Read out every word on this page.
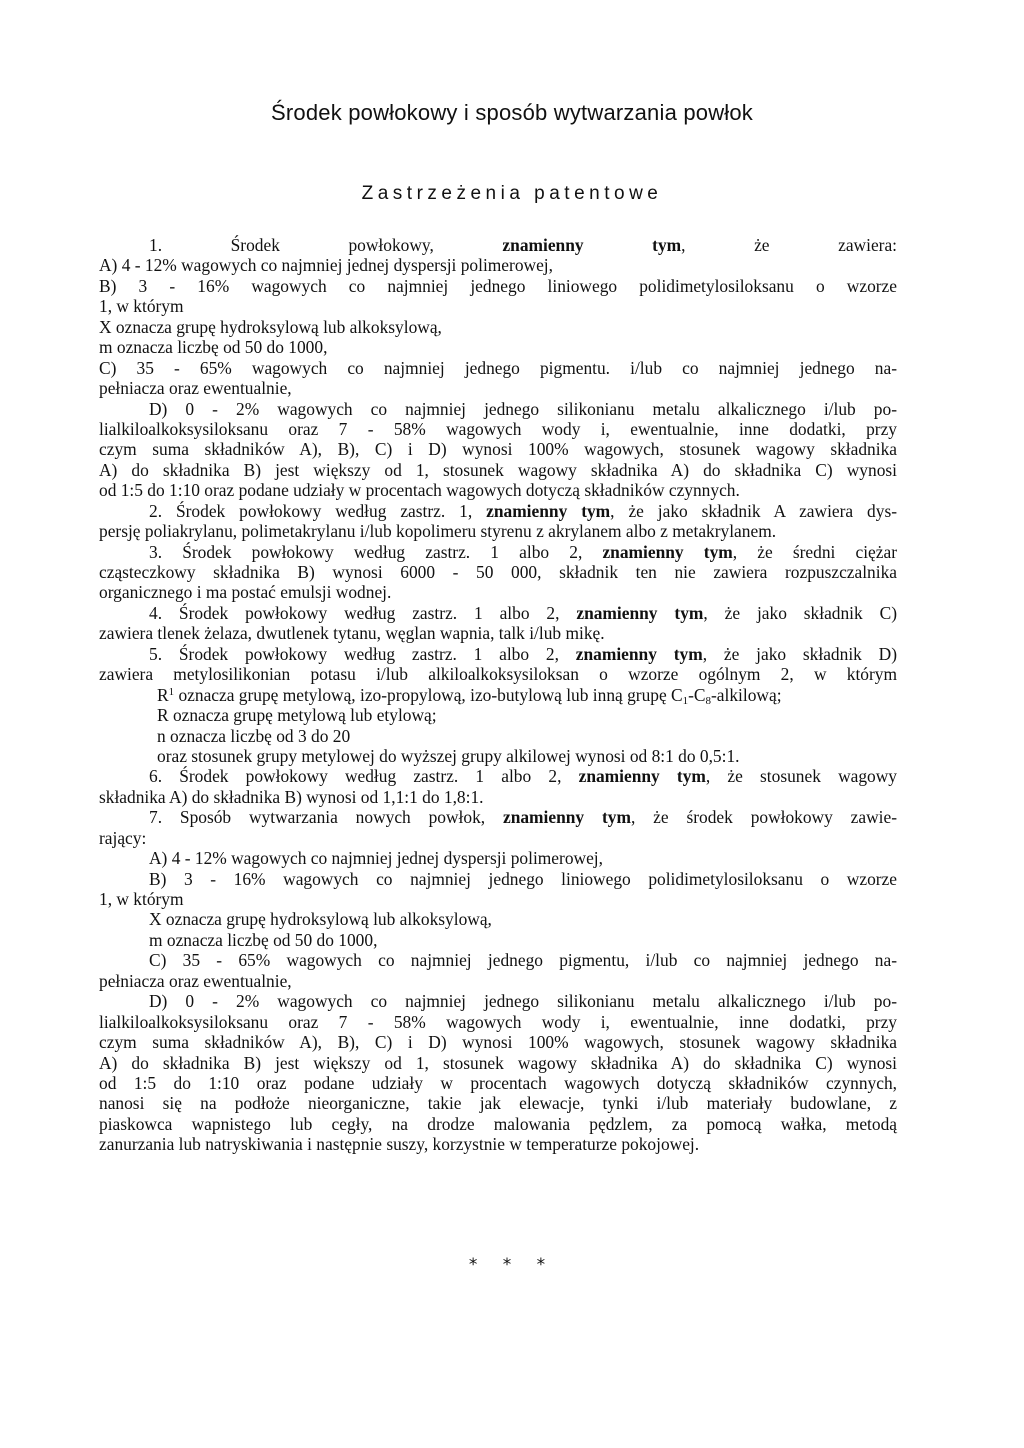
Środek powłokowy i sposób wytwarzania powłok
Zastrzeżenia patentowe
1. Środek powłokowy, znamienny tym, że zawiera:
A) 4 - 12% wagowych co najmniej jednej dyspersji polimerowej,
B) 3 - 16% wagowych co najmniej jednego liniowego polidimetylosiloksanu o wzorze
1, w którym
X oznacza grupę hydroksylową lub alkoksylową,
m oznacza liczbę od 50 do 1000,
C) 35 - 65% wagowych co najmniej jednego pigmentu. i/lub co najmniej jednego na-
pełniacza oraz ewentualnie,
D) 0 - 2% wagowych co najmniej jednego silikonianu metalu alkalicznego i/lub po-
lialkiloalkoksysiloksanu oraz 7 - 58% wagowych wody i, ewentualnie, inne dodatki, przy
czym suma składników A), B), C) i D) wynosi 100% wagowych, stosunek wagowy składnika
A) do składnika B) jest większy od 1, stosunek wagowy składnika A) do składnika C) wynosi
od 1:5 do 1:10 oraz podane udziały w procentach wagowych dotyczą składników czynnych.
2. Środek powłokowy według zastrz. 1, znamienny tym, że jako składnik A zawiera dys-
persję poliakrylanu, polimetakrylanu i/lub kopolimeru styrenu z akrylanem albo z metakrylanem.
3. Środek powłokowy według zastrz. 1 albo 2, znamienny tym, że średni ciężar
cząsteczkowy składnika B) wynosi 6000 - 50 000, składnik ten nie zawiera rozpuszczalnika
organicznego i ma postać emulsji wodnej.
4. Środek powłokowy według zastrz. 1 albo 2, znamienny tym, że jako składnik C)
zawiera tlenek żelaza, dwutlenek tytanu, węglan wapnia, talk i/lub mikę.
5. Środek powłokowy według zastrz. 1 albo 2, znamienny tym, że jako składnik D)
zawiera metylosilikonian potasu i/lub alkiloalkoksysiloksan o wzorze ogólnym 2, w którym
$R^1$ oznacza grupę metylową, izo-propylową, izo-butylową lub inną grupę $C_1-C_8$-alkilową;
R oznacza grupę metylową lub etylową;
n oznacza liczbę od 3 do 20
oraz stosunek grupy metylowej do wyższej grupy alkilowej wynosi od 8:1 do 0,5:1.
6. Środek powłokowy według zastrz. 1 albo 2, znamienny tym, że stosunek wagowy
składnika A) do składnika B) wynosi od 1,1:1 do 1,8:1.
7. Sposób wytwarzania nowych powłok, znamienny tym, że środek powłokowy zawie-
rający:
A) 4 - 12% wagowych co najmniej jednej dyspersji polimerowej,
B) 3 - 16% wagowych co najmniej jednego liniowego polidimetylosiloksanu o wzorze
1, w którym
X oznacza grupę hydroksylową lub alkoksylową,
m oznacza liczbę od 50 do 1000,
C) 35 - 65% wagowych co najmniej jednego pigmentu, i/lub co najmniej jednego na-
pełniacza oraz ewentualnie,
D) 0 - 2% wagowych co najmniej jednego silikonianu metalu alkalicznego i/lub po-
lialkiloalkoksysiloksanu oraz 7 - 58% wagowych wody i, ewentualnie, inne dodatki, przy
czym suma składników A), B), C) i D) wynosi 100% wagowych, stosunek wagowy składnika
A) do składnika B) jest większy od 1, stosunek wagowy składnika A) do składnika C) wynosi
od 1:5 do 1:10 oraz podane udziały w procentach wagowych dotyczą składników czynnych,
nanosi się na podłoże nieorganiczne, takie jak elewacje, tynki i/lub materiały budowlane, z
piaskowca wapnistego lub cegły, na drodze malowania pędzlem, za pomocą wałka, metodą
zanurzania lub natryskiwania i następnie suszy, korzystnie w temperaturze pokojowej.
* * *
